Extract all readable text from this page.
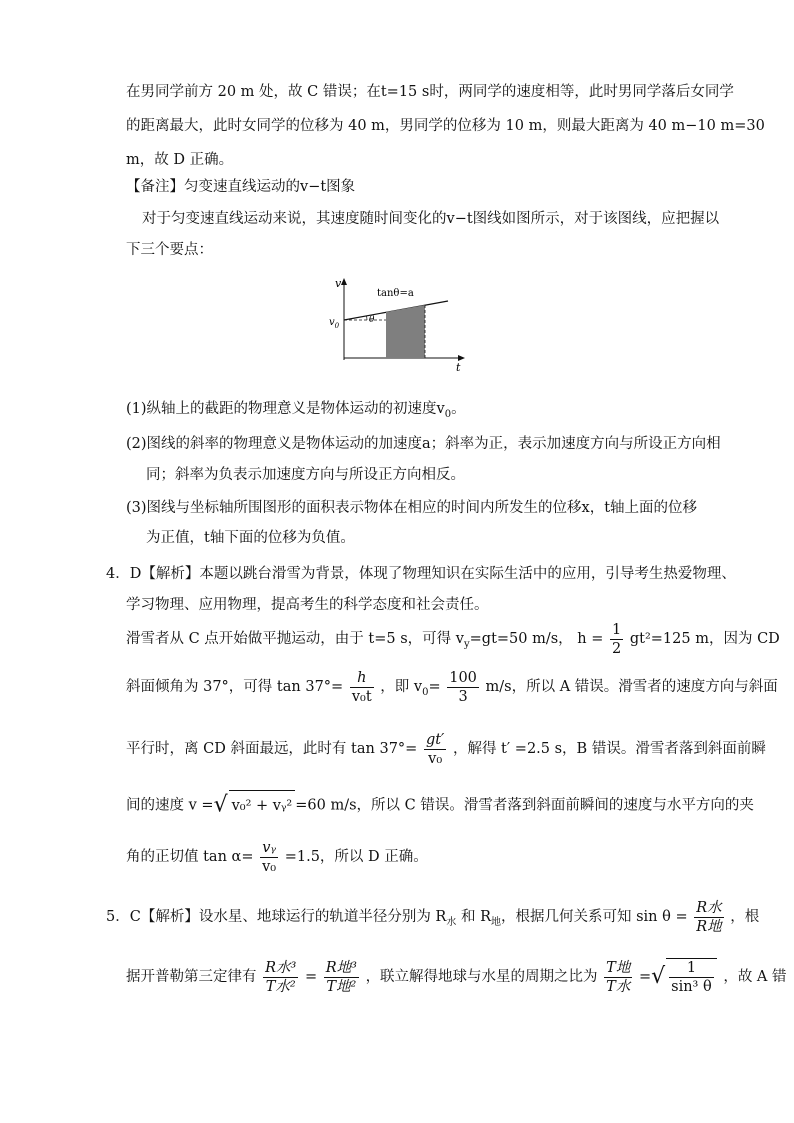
在男同学前方 20 m 处，故 C 错误；在t=15 s时，两同学的速度相等，此时男同学落后女同学
的距离最大，此时女同学的位移为 40 m，男同学的位移为 10 m，则最大距离为 40 m−10 m=30
m，故 D 正确。
【备注】匀变速直线运动的v−t图象
对于匀变速直线运动来说，其速度随时间变化的v−t图线如图所示，对于该图线，应把握以
下三个要点：
v
t
$v_0$
θ
tanθ=a
(1)纵轴上的截距的物理意义是物体运动的初速度$v_0$。
(2)图线的斜率的物理意义是物体运动的加速度a；斜率为正，表示加速度方向与所设正方向相
同；斜率为负表示加速度方向与所设正方向相反。
(3)图线与坐标轴所围图形的面积表示物体在相应的时间内所发生的位移x，t轴上面的位移
为正值，t轴下面的位移为负值。
4．D【解析】本题以跳台滑雪为背景，体现了物理知识在实际生活中的应用，引导考生热爱物理、
学习物理、应用物理，提高考生的科学态度和社会责任。
滑雪者从 C 点开始做平抛运动，由于 t=5 s，可得 $v_y=gt=50$ m/s， $h = \frac{1}{2} gt^2=125$ m，因为 CD
斜面倾角为 37°，可得 $\tan 37^\circ= \frac{h}{\text{v₀t}}$ ，即 $v_0= \frac{100}{3} m/s$，所以 A 错误。滑雪者的速度方向与斜面
平行时，离 CD 斜面最远，此时有 $\tan 37^\circ= \frac{gt'}{\text{v₀}}$ ，解得 t′ =2.5 s，B 错误。滑雪者落到斜面前瞬
间的速度 v =√ v₀² + vᵧ² =60 m/s，所以 C 错误。滑雪者落到斜面前瞬间的速度与水平方向的夹
角的正切值 $\tan \alpha= \frac{\text{vᵧ}}{\text{v₀}} =1.5$，所以 D 正确。
5．C【解析】设水星、地球运行的轨道半径分别为 $R_水$ 和 $R_地$，根据几何关系可知 $\sin \theta = \frac{\text{R水}}{\text{R地}}$ ，根
据开普勒第三定律有 $\frac{\text{R水³}}{\text{T水²}} = \frac{\text{R地³}}{\text{T地²}}$ ，联立解得地球与水星的周期之比为 $\frac{\text{T地}}{\text{T水}}$ =√ $\frac{1}{\text{sin³ θ}}$ ，故 A 错
